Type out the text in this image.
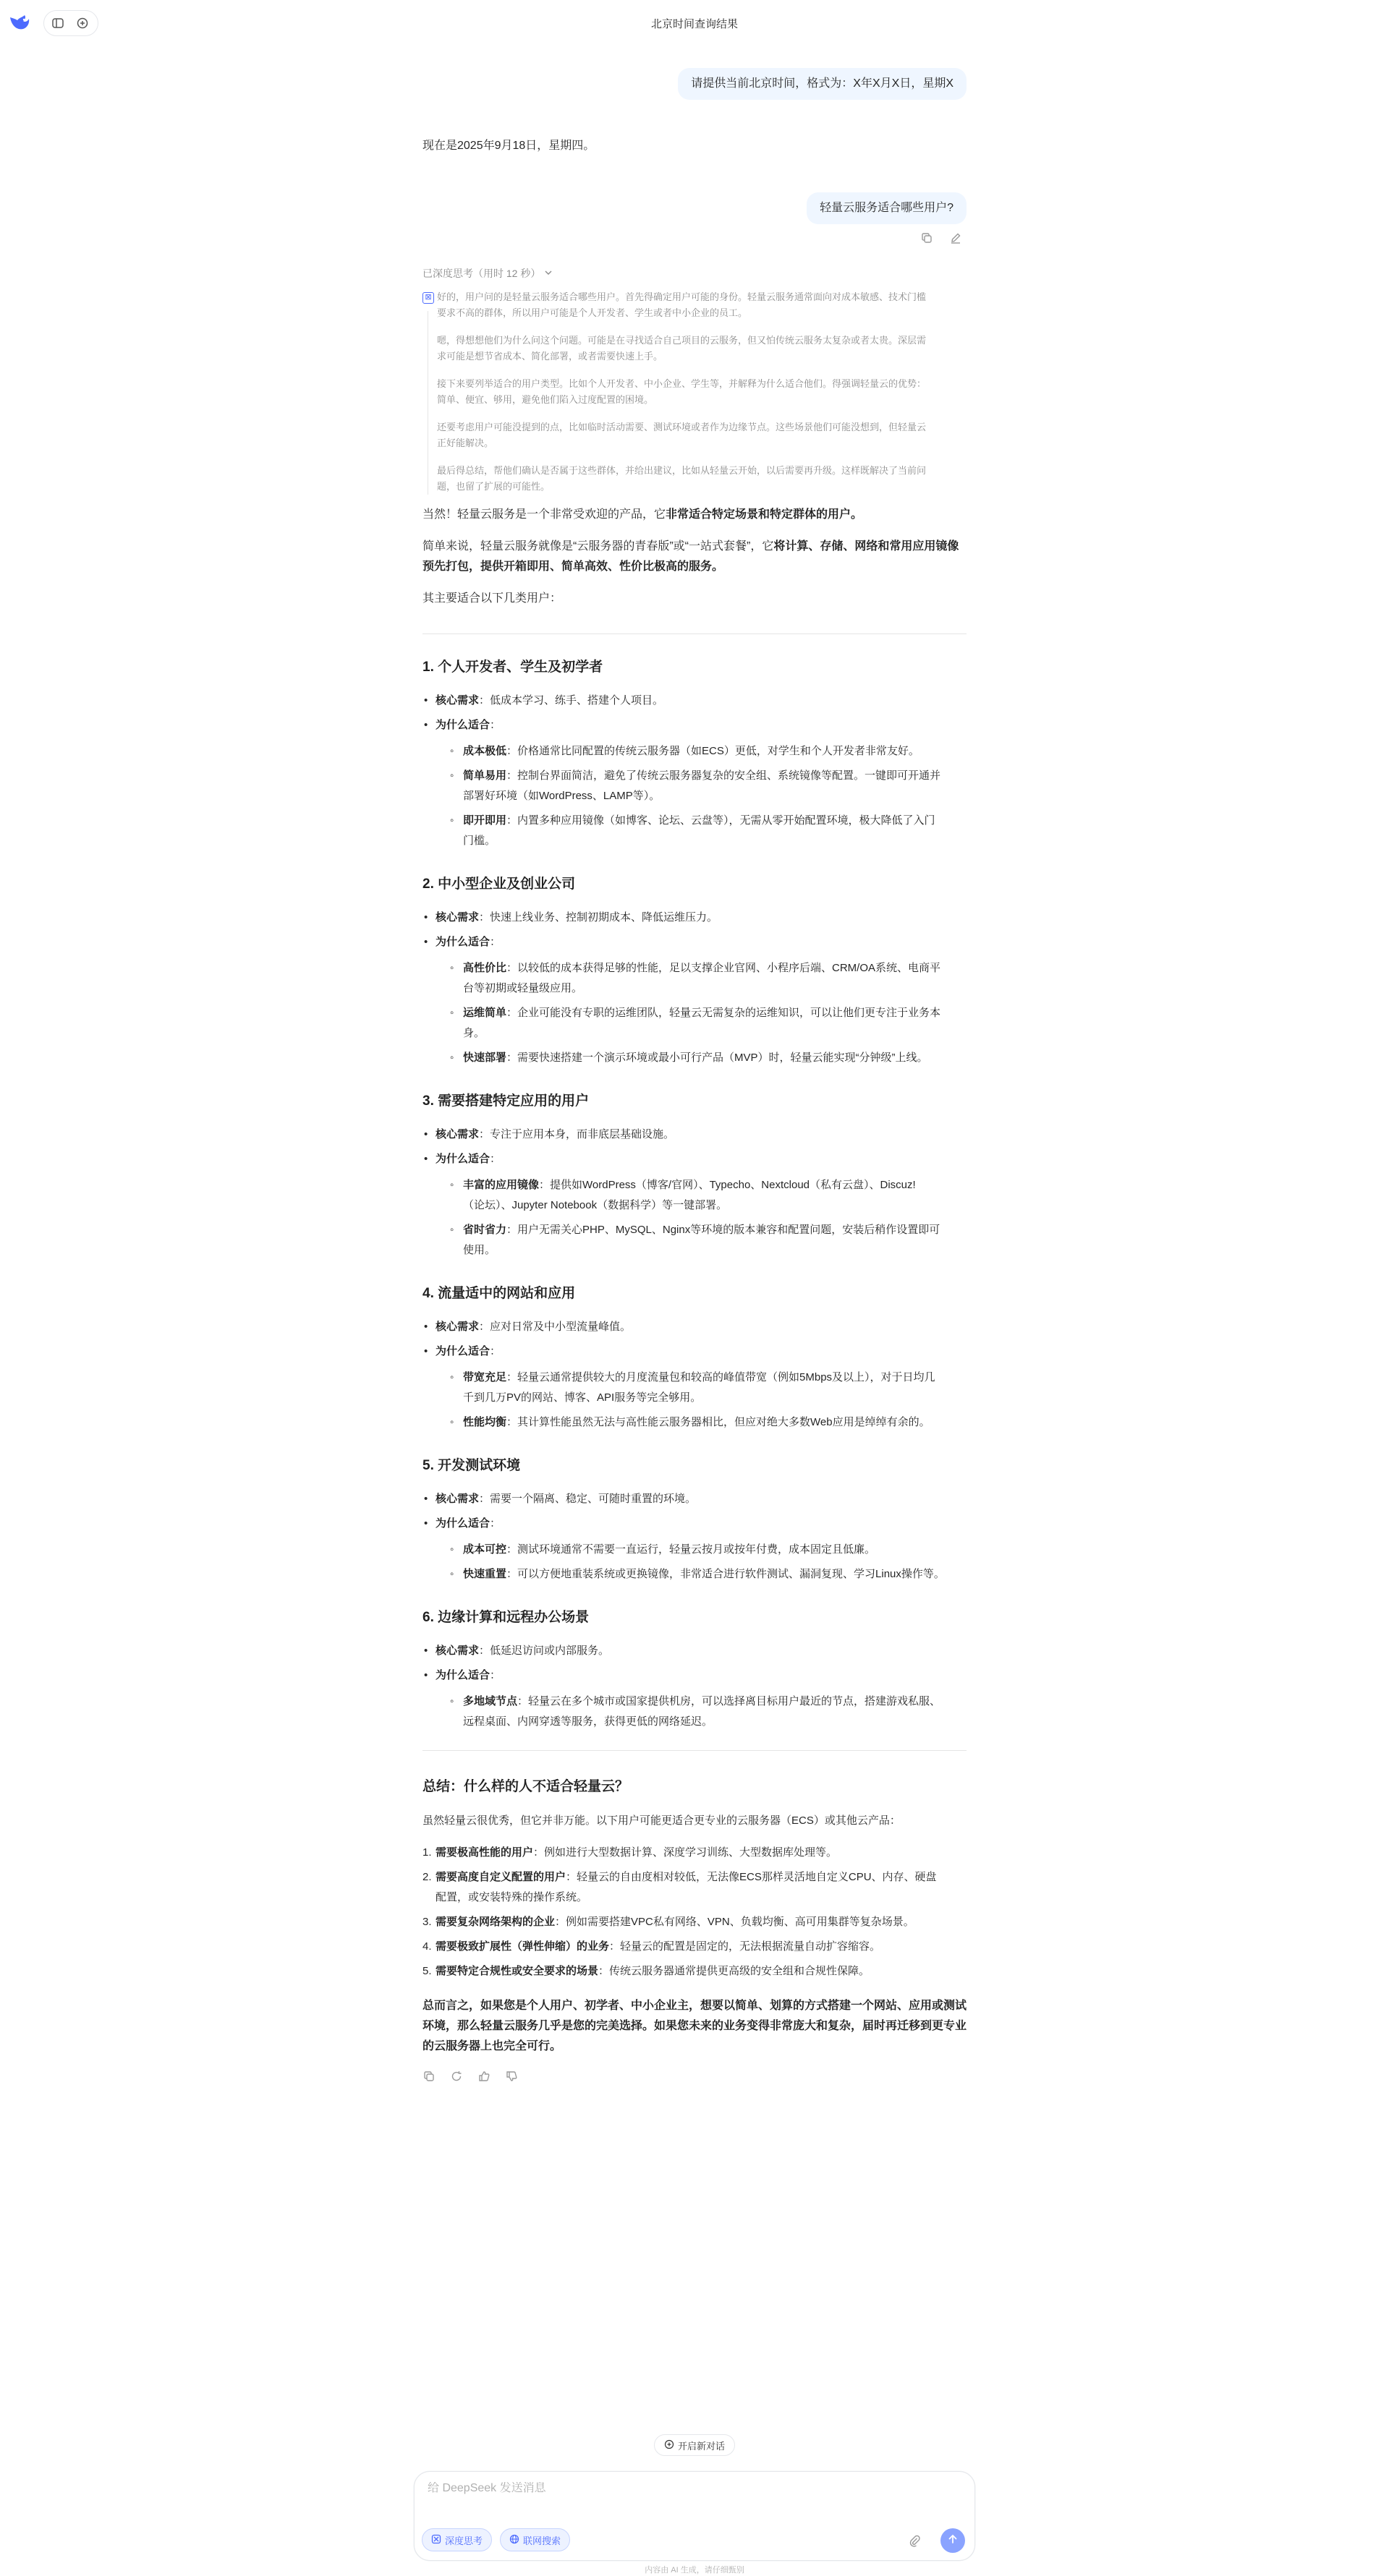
北京时间查询结果
请提供当前北京时间，格式为：X年X月X日，星期X
现在是2025年9月18日，星期四。
轻量云服务适合哪些用户?
已深度思考（用时 12 秒）
⊠ 好的，用户问的是轻量云服务适合哪些用户。首先得确定用户可能的身份。轻量云服务通常面向对成本敏感、技术门槛
要求不高的群体，所以用户可能是个人开发者、学生或者中小企业的员工。
嗯，得想想他们为什么问这个问题。可能是在寻找适合自己项目的云服务，但又怕传统云服务太复杂或者太贵。深层需
求可能是想节省成本、简化部署，或者需要快速上手。
接下来要列举适合的用户类型。比如个人开发者、中小企业、学生等，并解释为什么适合他们。得强调轻量云的优势：
简单、便宜、够用，避免他们陷入过度配置的困境。
还要考虑用户可能没提到的点，比如临时活动需要、测试环境或者作为边缘节点。这些场景他们可能没想到，但轻量云
正好能解决。
最后得总结，帮他们确认是否属于这些群体，并给出建议，比如从轻量云开始，以后需要再升级。这样既解决了当前问
题，也留了扩展的可能性。
当然！轻量云服务是一个非常受欢迎的产品，它非常适合特定场景和特定群体的用户。
简单来说，轻量云服务就像是“云服务器的青春版”或“一站式套餐”，它将计算、存储、网络和常用应用镜像
预先打包，提供开箱即用、简单高效、性价比极高的服务。
其主要适合以下几类用户：
1. 个人开发者、学生及初学者
• 核心需求：低成本学习、练手、搭建个人项目。
• 为什么适合：
◦ 成本极低：价格通常比同配置的传统云服务器（如ECS）更低，对学生和个人开发者非常友好。
◦ 简单易用：控制台界面简洁，避免了传统云服务器复杂的安全组、系统镜像等配置。一键即可开通并
部署好环境（如WordPress、LAMP等）。
◦ 即开即用：内置多种应用镜像（如博客、论坛、云盘等），无需从零开始配置环境，极大降低了入门
门槛。
2. 中小型企业及创业公司
• 核心需求：快速上线业务、控制初期成本、降低运维压力。
• 为什么适合：
◦ 高性价比：以较低的成本获得足够的性能，足以支撑企业官网、小程序后端、CRM/OA系统、电商平
台等初期或轻量级应用。
◦ 运维简单：企业可能没有专职的运维团队，轻量云无需复杂的运维知识，可以让他们更专注于业务本
身。
◦ 快速部署：需要快速搭建一个演示环境或最小可行产品（MVP）时，轻量云能实现“分钟级”上线。
3. 需要搭建特定应用的用户
• 核心需求：专注于应用本身，而非底层基础设施。
• 为什么适合：
◦ 丰富的应用镜像：提供如WordPress（博客/官网）、Typecho、Nextcloud（私有云盘）、Discuz!
（论坛）、Jupyter Notebook（数据科学）等一键部署。
◦ 省时省力：用户无需关心PHP、MySQL、Nginx等环境的版本兼容和配置问题，安装后稍作设置即可
使用。
4. 流量适中的网站和应用
• 核心需求：应对日常及中小型流量峰值。
• 为什么适合：
◦ 带宽充足：轻量云通常提供较大的月度流量包和较高的峰值带宽（例如5Mbps及以上），对于日均几
千到几万PV的网站、博客、API服务等完全够用。
◦ 性能均衡：其计算性能虽然无法与高性能云服务器相比，但应对绝大多数Web应用是绰绰有余的。
5. 开发测试环境
• 核心需求：需要一个隔离、稳定、可随时重置的环境。
• 为什么适合：
◦ 成本可控：测试环境通常不需要一直运行，轻量云按月或按年付费，成本固定且低廉。
◦ 快速重置：可以方便地重装系统或更换镜像，非常适合进行软件测试、漏洞复现、学习Linux操作等。
6. 边缘计算和远程办公场景
• 核心需求：低延迟访问或内部服务。
• 为什么适合：
◦ 多地域节点：轻量云在多个城市或国家提供机房，可以选择离目标用户最近的节点，搭建游戏私服、
远程桌面、内网穿透等服务，获得更低的网络延迟。
总结：什么样的人不适合轻量云？
虽然轻量云很优秀，但它并非万能。以下用户可能更适合更专业的云服务器（ECS）或其他云产品：
1. 需要极高性能的用户：例如进行大型数据计算、深度学习训练、大型数据库处理等。
2. 需要高度自定义配置的用户：轻量云的自由度相对较低，无法像ECS那样灵活地自定义CPU、内存、硬盘
配置，或安装特殊的操作系统。
3. 需要复杂网络架构的企业：例如需要搭建VPC私有网络、VPN、负载均衡、高可用集群等复杂场景。
4. 需要极致扩展性（弹性伸缩）的业务：轻量云的配置是固定的，无法根据流量自动扩容缩容。
5. 需要特定合规性或安全要求的场景：传统云服务器通常提供更高级的安全组和合规性保障。
总而言之，如果您是个人用户、初学者、中小企业主，想要以简单、划算的方式搭建一个网站、应用或测试
环境，那么轻量云服务几乎是您的完美选择。如果您未来的业务变得非常庞大和复杂，届时再迁移到更专业
的云服务器上也完全可行。
开启新对话
给 DeepSeek 发送消息
深度思考	联网搜索
内容由 AI 生成，请仔细甄别
